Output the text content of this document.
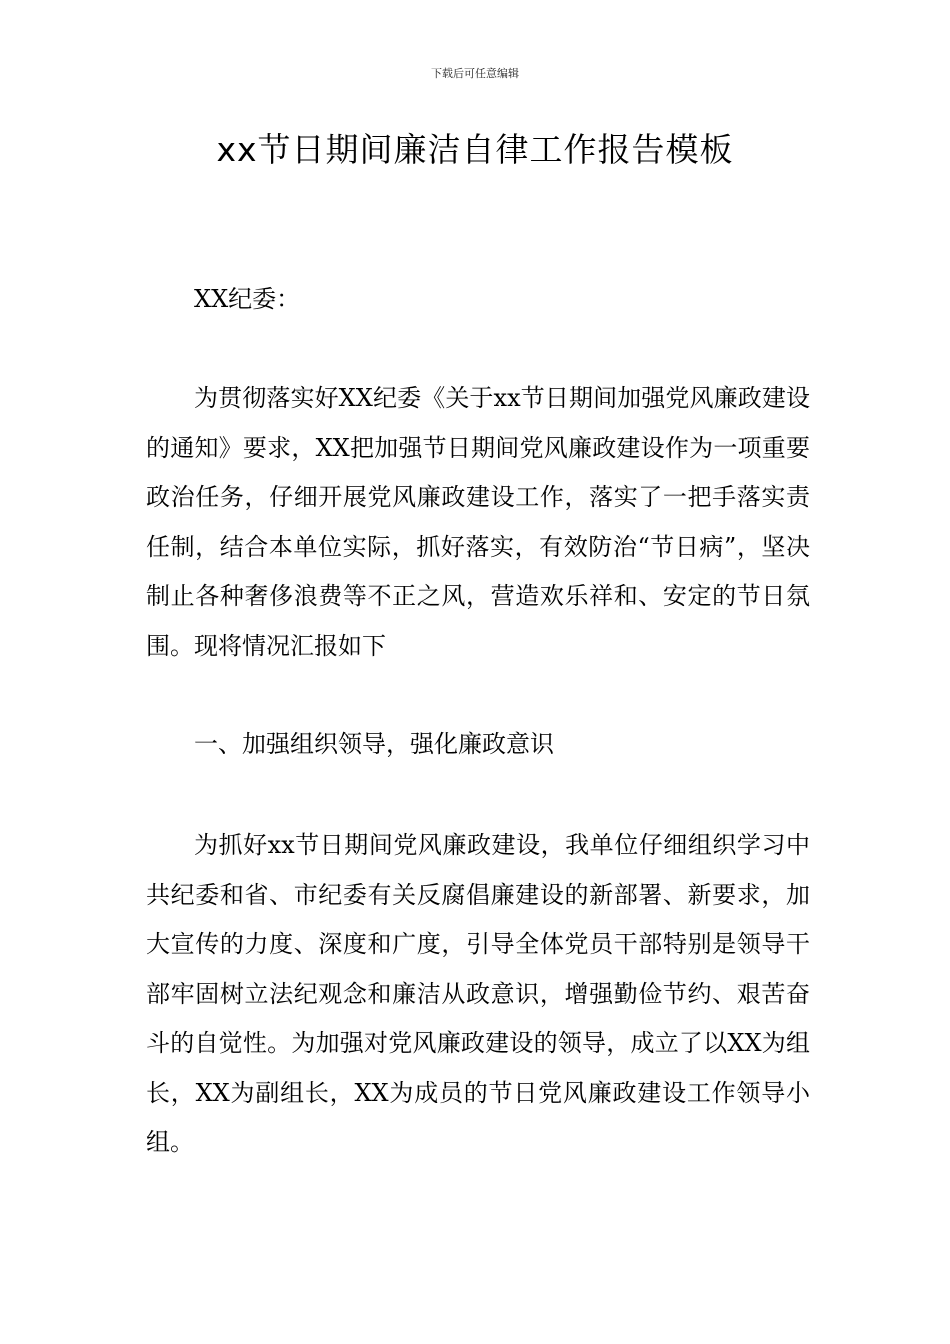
下载后可任意编辑
xx节日期间廉洁自律工作报告模板

XX纪委：

为贯彻落实好XX纪委《关于xx节日期间加强党风廉政建设的通知》要求，XX把加强节日期间党风廉政建设作为一项重要政治任务，仔细开展党风廉政建设工作，落实了一把手落实责任制，结合本单位实际，抓好落实，有效防治“节日病”，坚决制止各种奢侈浪费等不正之风，营造欢乐祥和、安定的节日氛围。现将情况汇报如下

一、加强组织领导，强化廉政意识

为抓好xx节日期间党风廉政建设，我单位仔细组织学习中共纪委和省、市纪委有关反腐倡廉建设的新部署、新要求，加大宣传的力度、深度和广度，引导全体党员干部特别是领导干部牢固树立法纪观念和廉洁从政意识，增强勤俭节约、艰苦奋斗的自觉性。为加强对党风廉政建设的领导，成立了以XX为组长，XX为副组长，XX为成员的节日党风廉政建设工作领导小组。
